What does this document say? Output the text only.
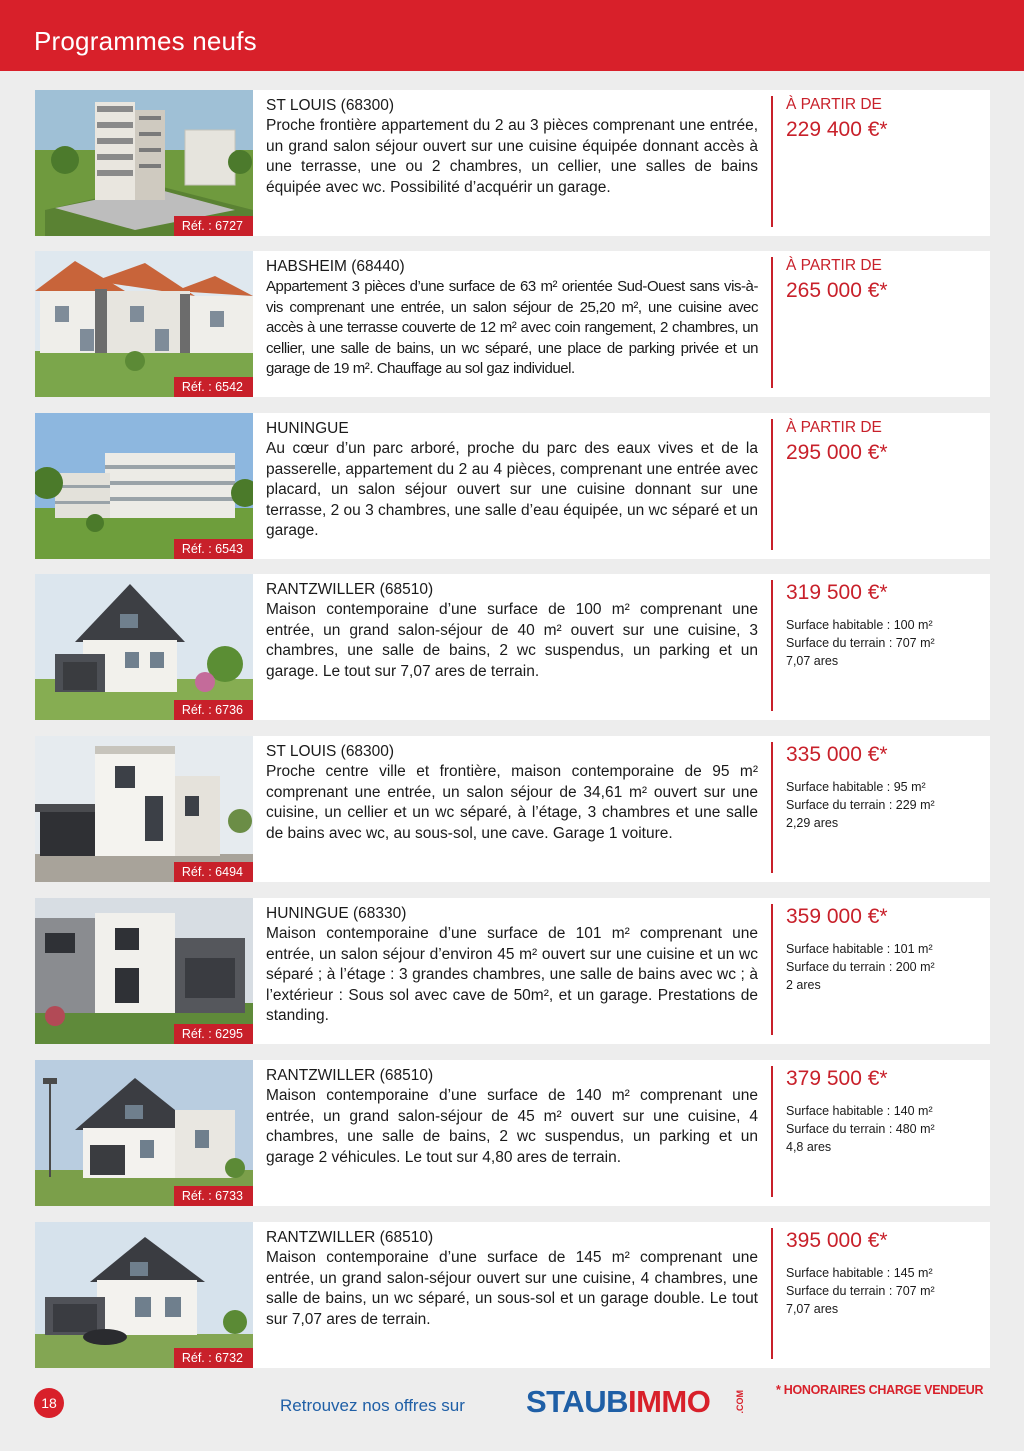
Programmes neufs
Réf. : 6727
ST LOUIS (68300)
Proche frontière appartement du 2 au 3 pièces comprenant une entrée, un grand salon séjour ouvert sur une cuisine équipée donnant accès à une terrasse, une ou 2 chambres, un cellier, une salles de bains équipée avec wc. Possibilité d’acquérir un garage.
À PARTIR DE
229 400 €*
Réf. : 6542
HABSHEIM (68440)
Appartement 3 pièces d’une surface de 63 m² orientée Sud-Ouest sans vis-à-vis comprenant une entrée, un salon séjour de 25,20 m², une cuisine avec accès à une terrasse couverte de 12 m² avec coin rangement, 2 chambres, un cellier, une salle de bains, un wc séparé, une place de parking privée et un garage de 19 m². Chauffage au sol gaz individuel.
À PARTIR DE
265 000 €*
Réf. : 6543
HUNINGUE
Au cœur d’un parc arboré, proche du parc des eaux vives et de la passerelle, appartement du 2 au 4 pièces, comprenant une entrée avec placard, un salon séjour ouvert sur une cuisine donnant sur une terrasse, 2 ou 3 chambres, une salle d’eau équipée, un wc séparé et un garage.
À PARTIR DE
295 000 €*
Réf. : 6736
RANTZWILLER (68510)
Maison contemporaine d’une surface de 100 m² comprenant une entrée, un grand salon-séjour de 40 m² ouvert sur une cuisine, 3 chambres, une salle de bains, 2 wc suspendus, un parking et un garage. Le tout sur 7,07 ares de terrain.
319 500 €*
Surface habitable : 100 m²
Surface du terrain : 707 m²
7,07 ares
Réf. : 6494
ST LOUIS (68300)
Proche centre ville et frontière, maison contemporaine de 95 m² comprenant une entrée, un salon séjour de 34,61 m² ouvert sur une cuisine, un cellier et un wc séparé, à l’étage, 3 chambres et une salle de bains avec wc, au sous-sol, une cave. Garage 1 voiture.
335 000 €*
Surface habitable : 95 m²
Surface du terrain : 229 m²
2,29 ares
Réf. : 6295
HUNINGUE (68330)
Maison contemporaine d’une surface de 101 m² comprenant une entrée, un salon séjour d’environ 45 m² ouvert sur une cuisine et un wc séparé ; à l’étage : 3 grandes chambres, une salle de bains avec wc ; à l’extérieur : Sous sol avec cave de 50m², et un garage. Prestations de standing.
359 000 €*
Surface habitable : 101 m²
Surface du terrain : 200 m²
2 ares
Réf. : 6733
RANTZWILLER (68510)
Maison contemporaine d’une surface de 140 m² comprenant une entrée, un grand salon-séjour de 45 m² ouvert sur une cuisine, 4 chambres, une salle de bains, 2 wc suspendus, un parking et un garage 2 véhicules. Le tout sur 4,80 ares de terrain.
379 500 €*
Surface habitable : 140 m²
Surface du terrain : 480 m²
4,8 ares
Réf. : 6732
RANTZWILLER (68510)
Maison contemporaine d’une surface de 145 m² comprenant une entrée, un grand salon-séjour ouvert sur une cuisine, 4 chambres, une salle de bains, un wc séparé, un sous-sol et un garage double. Le tout sur 7,07 ares de terrain.
395 000 €*
Surface habitable : 145 m²
Surface du terrain : 707 m²
7,07 ares
18	Retrouvez nos offres sur STAUBIMMO	.COM * HONORAIRES CHARGE VENDEUR
